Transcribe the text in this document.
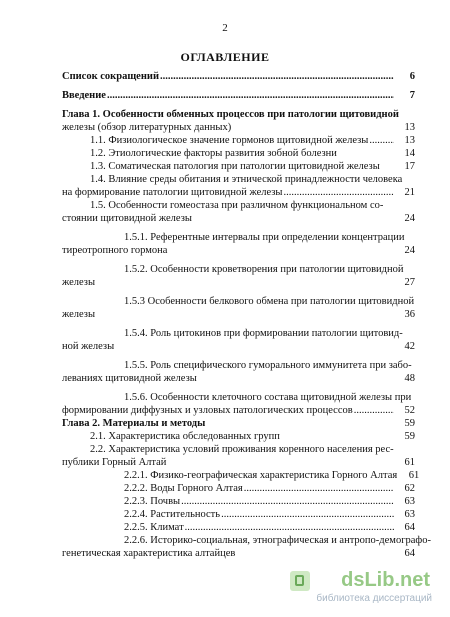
2
ОГЛАВЛЕНИЕ
Список сокращений .....	6
Введение .....	7
Глава 1. Особенности обменных процессов при патологии щитовидной
железы (обзор литературных данных)	13
1.1. Физиологическое значение гормонов щитовидной железы .....	13
1.2. Этиологические факторы развития зобной болезни	14
1.3. Соматическая патология при патологии щитовидной железы	17
1.4. Влияние среды обитания и этнической принадлежности человека
на формирование патологии щитовидной железы .....	21
1.5. Особенности гомеостаза при различном функциональном со-
стоянии щитовидной железы	24
1.5.1. Референтные интервалы при определении концентрации
тиреотропного гормона	24
1.5.2. Особенности кроветворения при патологии щитовидной
железы	27
1.5.3 Особенности белкового обмена при патологии щитовидной
железы	36
1.5.4. Роль цитокинов при формировании патологии щитовид-
ной железы	42
1.5.5. Роль специфического гуморального иммунитета при забо-
леваниях щитовидной железы	48
1.5.6. Особенности клеточного состава щитовидной железы при
формировании диффузных и узловых патологических процессов .....	52
Глава 2. Материалы и методы	59
2.1. Характеристика обследованных групп	59
2.2. Характеристика условий проживания коренного населения рес-
публики Горный Алтай	61
2.2.1. Физико-географическая характеристика Горного Алтая	61
2.2.2. Воды Горного Алтая .....	62
2.2.3. Почвы .....	63
2.2.4. Растительность .....	63
2.2.5. Климат .....	64
2.2.6. Историко-социальная, этнографическая и антропо-демографо-
генетическая характеристика алтайцев	64
dsLib.net
библиотека диссертаций
